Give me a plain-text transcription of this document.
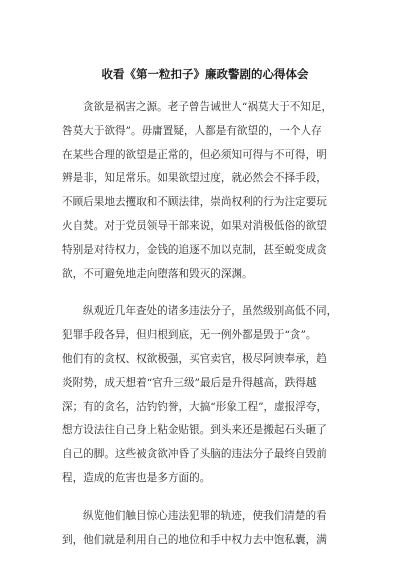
收看《第一粒扣子》廉政警剧的心得体会

贪欲是祸害之源。老子曾告诫世人“祸莫大于不知足，
咎莫大于欲得”。毋庸置疑，人都是有欲望的，一个人存
在某些合理的欲望是正常的，但必须知可得与不可得，明
辨是非，知足常乐。如果欲望过度，就必然会不择手段，
不顾后果地去攫取和不顾法律，崇尚权利的行为注定要玩
火自焚。对于党员领导干部来说，如果对消极低俗的欲望
特别是对待权力，金钱的追逐不加以克制，甚至蜕变成贪
欲，不可避免地走向堕落和毁灭的深渊。

纵观近几年查处的诸多违法分子，虽然级别高低不同，
犯罪手段各异，但归根到底，无一例外都是毁于“贪”。
他们有的贪权、权欲极强，买官卖官，极尽阿谀奉承，趋
炎附势，成天想着“官升三级”最后是升得越高，跌得越
深；有的贪名，沽钓钓誉，大搞“形象工程”，虚报浮夸，
想方设法往自己身上粘金贴银。到头来还是搬起石头砸了
自己的脚。这些被贪欲冲昏了头脑的违法分子最终自毁前
程，造成的危害也是多方面的。

纵览他们触目惊心违法犯罪的轨迹，使我们清楚的看
到，他们就是利用自己的地位和手中权力去中饱私囊，满
